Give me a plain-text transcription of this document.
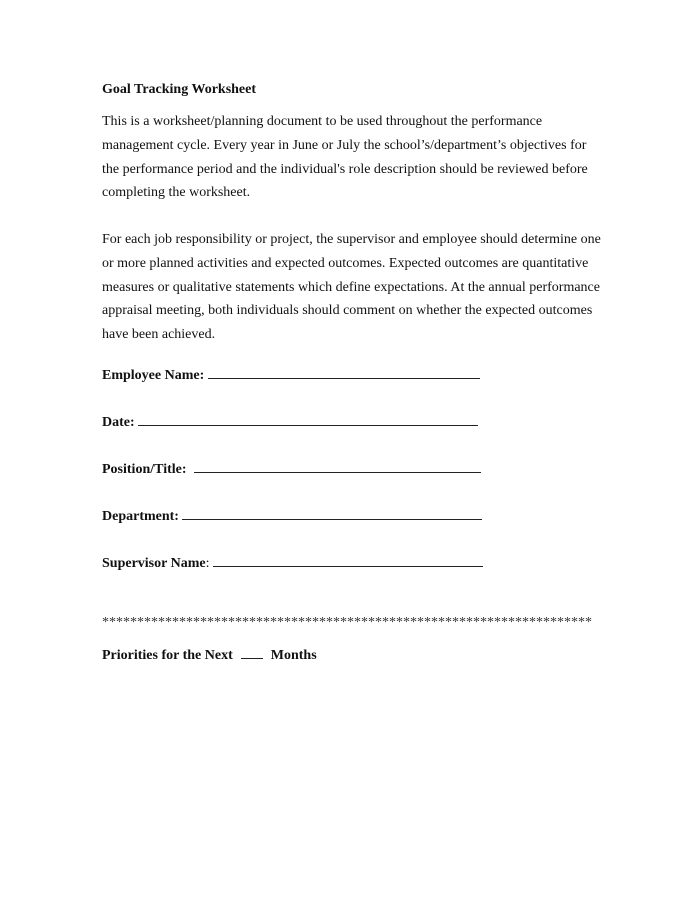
Goal Tracking Worksheet

This is a worksheet/planning document to be used throughout the performance management cycle. Every year in June or July the school’s/department’s objectives for the performance period and the individual's role description should be reviewed before completing the worksheet.

For each job responsibility or project, the supervisor and employee should determine one or more planned activities and expected outcomes. Expected outcomes are quantitative measures or qualitative statements which define expectations. At the annual performance appraisal meeting, both individuals should comment on whether the expected outcomes have been achieved.

Employee Name:
Date:
Position/Title:
Department:
Supervisor Name:
**********************************************************************
Priorities for the Next	Months
